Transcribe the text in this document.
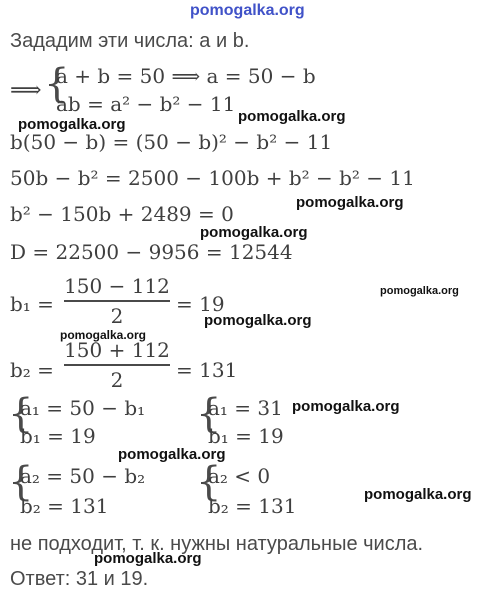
pomogalka.org
Зададим эти числа: a и b.
⟹ {
a + b = 50 ⟹ a = 50 − b
ab = a² − b² − 11
pomogalka.org
pomogalka.org
b(50 − b) = (50 − b)² − b² − 11
50b − b² = 2500 − 100b + b² − b² − 11
b² − 150b + 2489 = 0	pomogalka.org
pomogalka.org
D = 22500 − 9956 = 12544
b₁ =
150 − 112
2	= 19
pomogalka.org
pomogalka.org
pomogalka.org
b₂ =
150 + 112
2	= 131
{
a₁ = 50 − b₁
b₁ = 19	{
a₁ = 31
b₁ = 19
pomogalka.org
pomogalka.org
{
a₂ = 50 − b₂
b₂ = 131
{
a₂ < 0
b₂ = 131	pomogalka.org
не подходит, т. к. нужны натуральные числа.
pomogalka.org
Ответ: 31 и 19.
